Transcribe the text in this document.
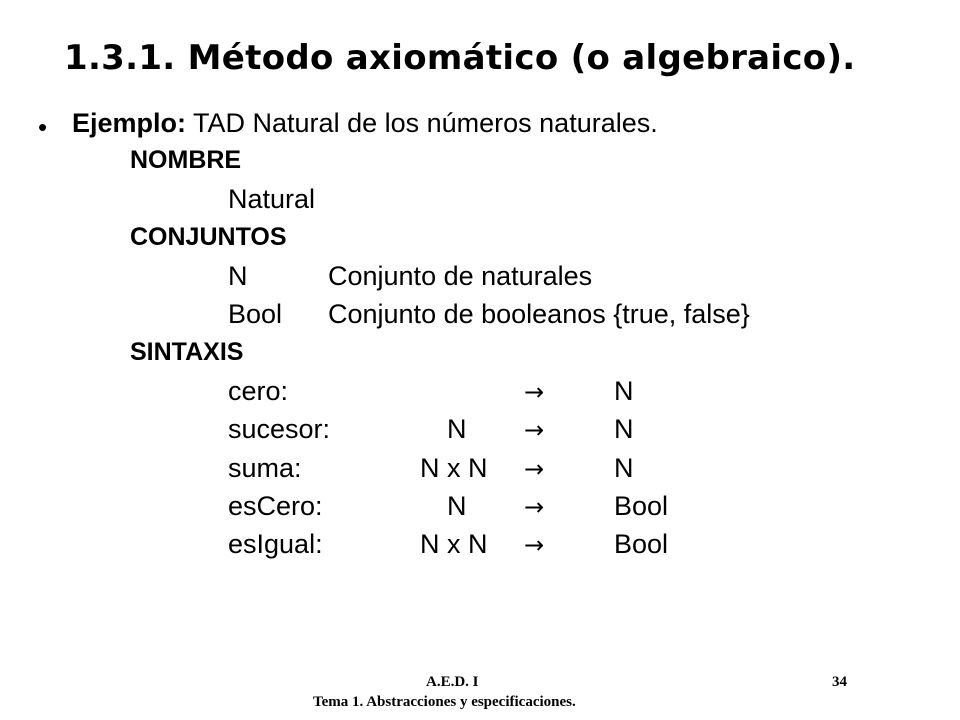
1.3.1. Método axiomático (o algebraico).
• Ejemplo: TAD Natural de los números naturales.
NOMBRE
Natural
CONJUNTOS
N	Conjunto de naturales
Bool Conjunto de booleanos {true, false}
SINTAXIS
cero:	→	N
sucesor:	N →	N
suma:	N x N →	N
esCero:	N →	Bool
esIgual:	N x N →	Bool
A.E.D. I	34
Tema 1. Abstracciones y especificaciones.
